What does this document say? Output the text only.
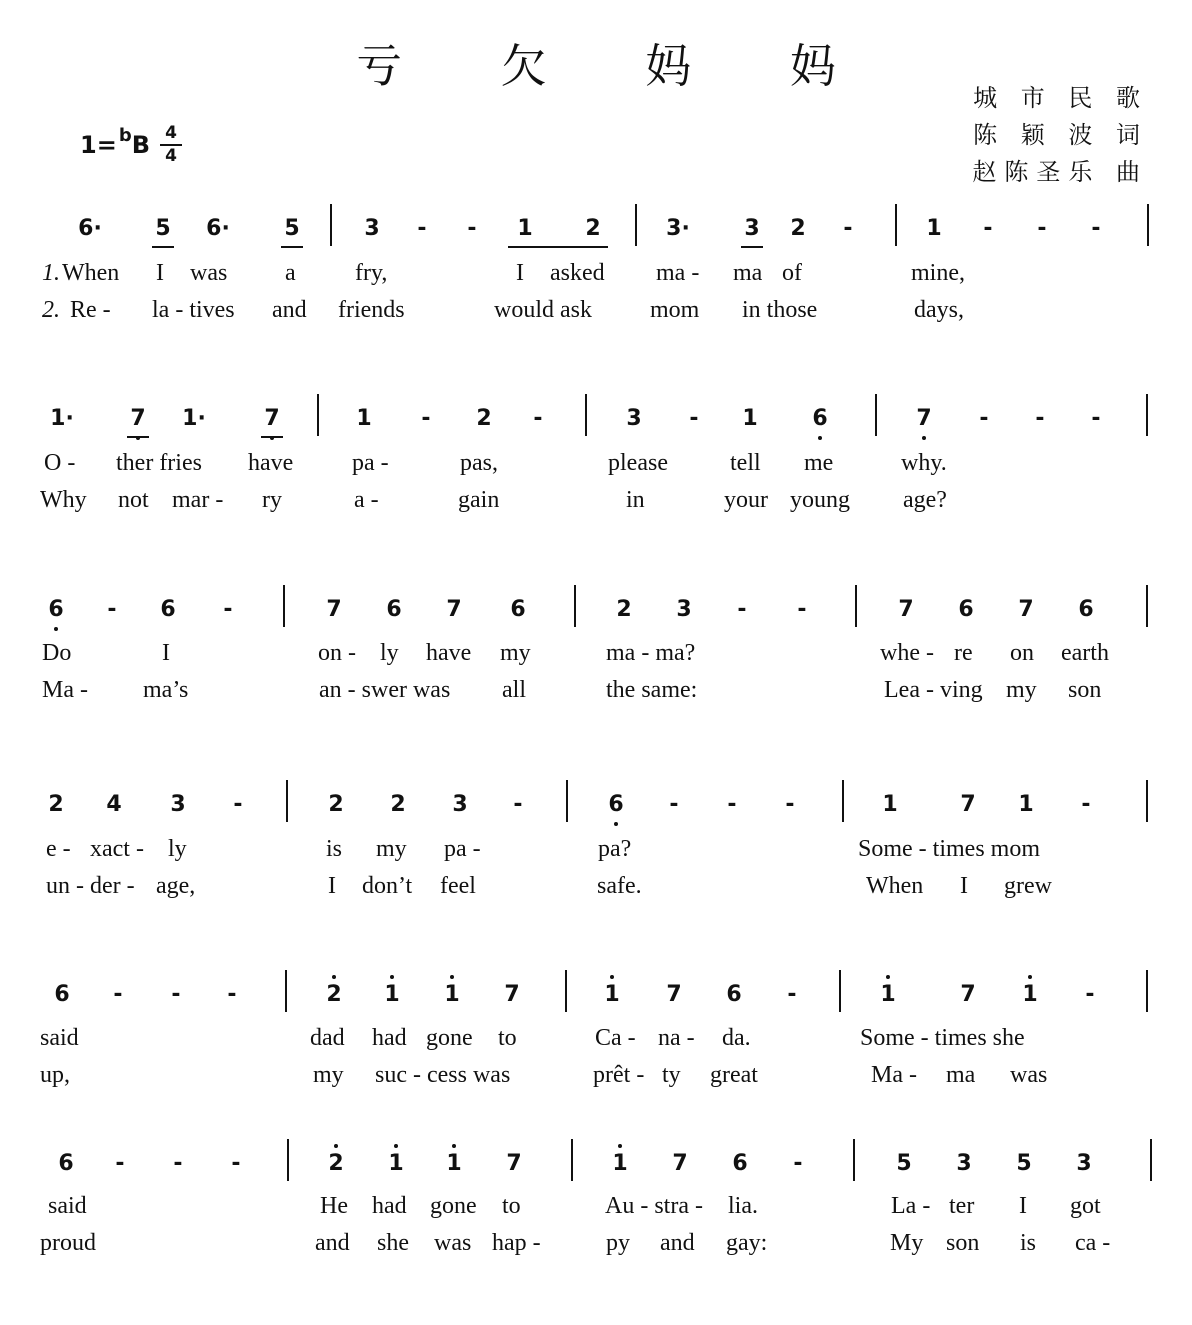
亏 欠 妈 妈
城 市 民 歌
陈 颖 波 词
赵陈圣乐 曲
1= $^b$B 4
4
6·	5	6·	5	3	-	-	1	2	3·	3	2	-	1	-	-	-
1. When I was a fry,	I asked ma - ma of	mine,
2. Re - la - tives and friends	would ask mom in those	days,
1·	7	1·	7	1	-	2	-	3	-	1	6	7	-	-	-
O - ther fries have pa -	pas,	please	tell me	why.
Why not mar - ry	a -	gain	in	your young age?
6	-	6	-	7	6	7	6	2	3	-	-	7	6	7	6
Do	I	on - ly have my	ma - ma?	whe - re on earth
Ma - ma’s	an - swer was all	the same:	Lea - ving my son
2	4	3	-	2	2	3	-	6	-	-	-	1	7	1	-
e - xact - ly	is my pa -	pa?	Some - times mom
un - der - age,	I don’t feel	safe.	When I grew
6	-	-	-	2	1	1	7	1	7	6	-	1	7	1	-
said	dad had gone to	Ca - na - da.	Some - times she
up,	my suc - cess was	prêt - ty great	Ma - ma was
6	-	-	-	2	1	1	7	1	7	6	-	5	3	5	3
said	He had gone to	Au - stra - lia.	La - ter I got
proud	and she was hap -	py and gay:	My son is ca -
